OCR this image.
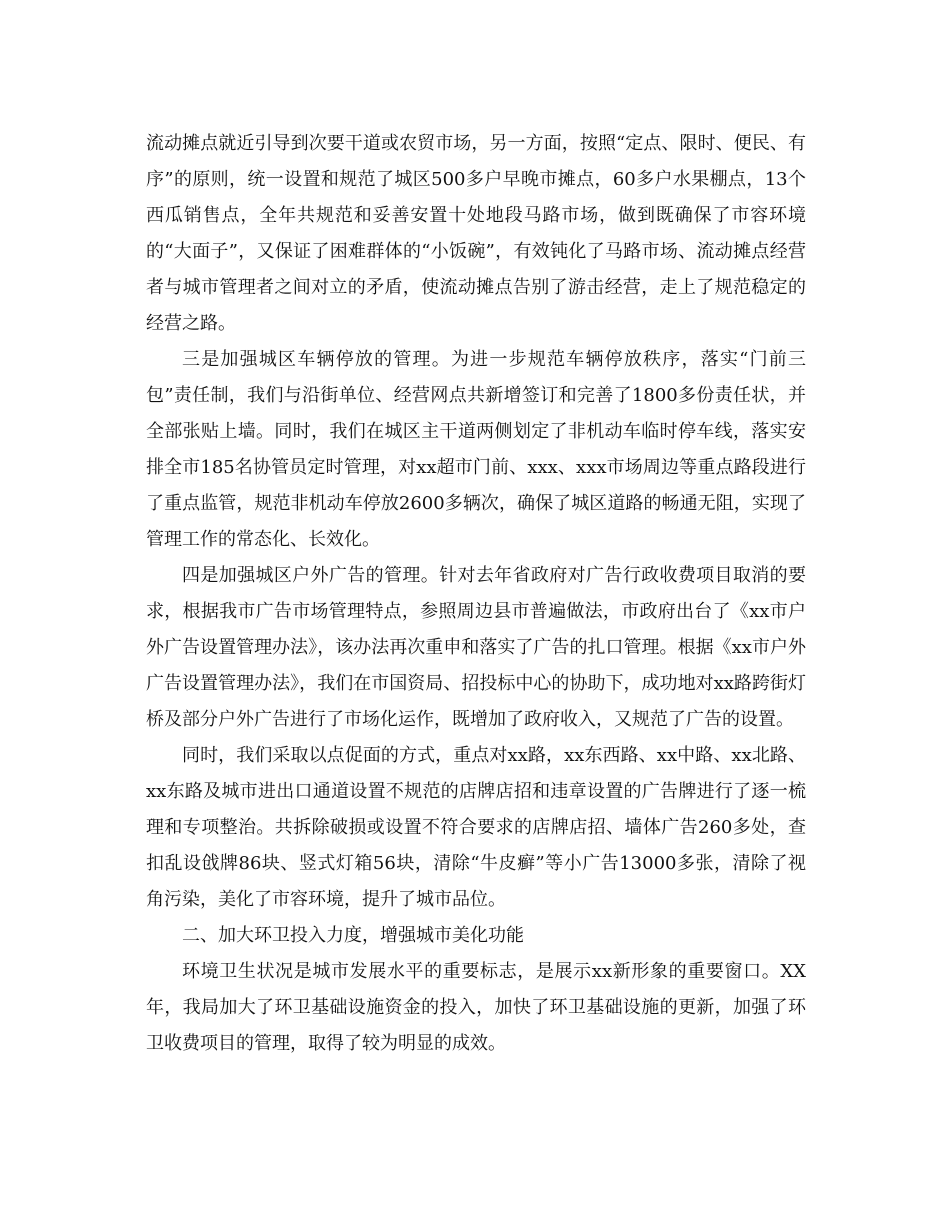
流动摊点就近引导到次要干道或农贸市场，另一方面，按照“定点、限时、便民、有序”的原则，统一设置和规范了城区500多户早晚市摊点，60多户水果棚点，13个西瓜销售点，全年共规范和妥善安置十处地段马路市场，做到既确保了市容环境的“大面子”，又保证了困难群体的“小饭碗”，有效钝化了马路市场、流动摊点经营者与城市管理者之间对立的矛盾，使流动摊点告别了游击经营，走上了规范稳定的经营之路。

三是加强城区车辆停放的管理。为进一步规范车辆停放秩序，落实“门前三包”责任制，我们与沿街单位、经营网点共新增签订和完善了1800多份责任状，并全部张贴上墙。同时，我们在城区主干道两侧划定了非机动车临时停车线，落实安排全市185名协管员定时管理，对xx超市门前、xxx、xxx市场周边等重点路段进行了重点监管，规范非机动车停放2600多辆次，确保了城区道路的畅通无阻，实现了管理工作的常态化、长效化。

四是加强城区户外广告的管理。针对去年省政府对广告行政收费项目取消的要求，根据我市广告市场管理特点，参照周边县市普遍做法，市政府出台了《xx市户外广告设置管理办法》，该办法再次重申和落实了广告的扎口管理。根据《xx市户外广告设置管理办法》，我们在市国资局、招投标中心的协助下，成功地对xx路跨街灯桥及部分户外广告进行了市场化运作，既增加了政府收入，又规范了广告的设置。

同时，我们采取以点促面的方式，重点对xx路，xx东西路、xx中路、xx北路、xx东路及城市进出口通道设置不规范的店牌店招和违章设置的广告牌进行了逐一梳理和专项整治。共拆除破损或设置不符合要求的店牌店招、墙体广告260多处，查扣乱设戗牌86块、竖式灯箱56块，清除“牛皮癣”等小广告13000多张，清除了视角污染，美化了市容环境，提升了城市品位。

二、加大环卫投入力度，增强城市美化功能

环境卫生状况是城市发展水平的重要标志，是展示xx新形象的重要窗口。XX年，我局加大了环卫基础设施资金的投入，加快了环卫基础设施的更新，加强了环卫收费项目的管理，取得了较为明显的成效。
